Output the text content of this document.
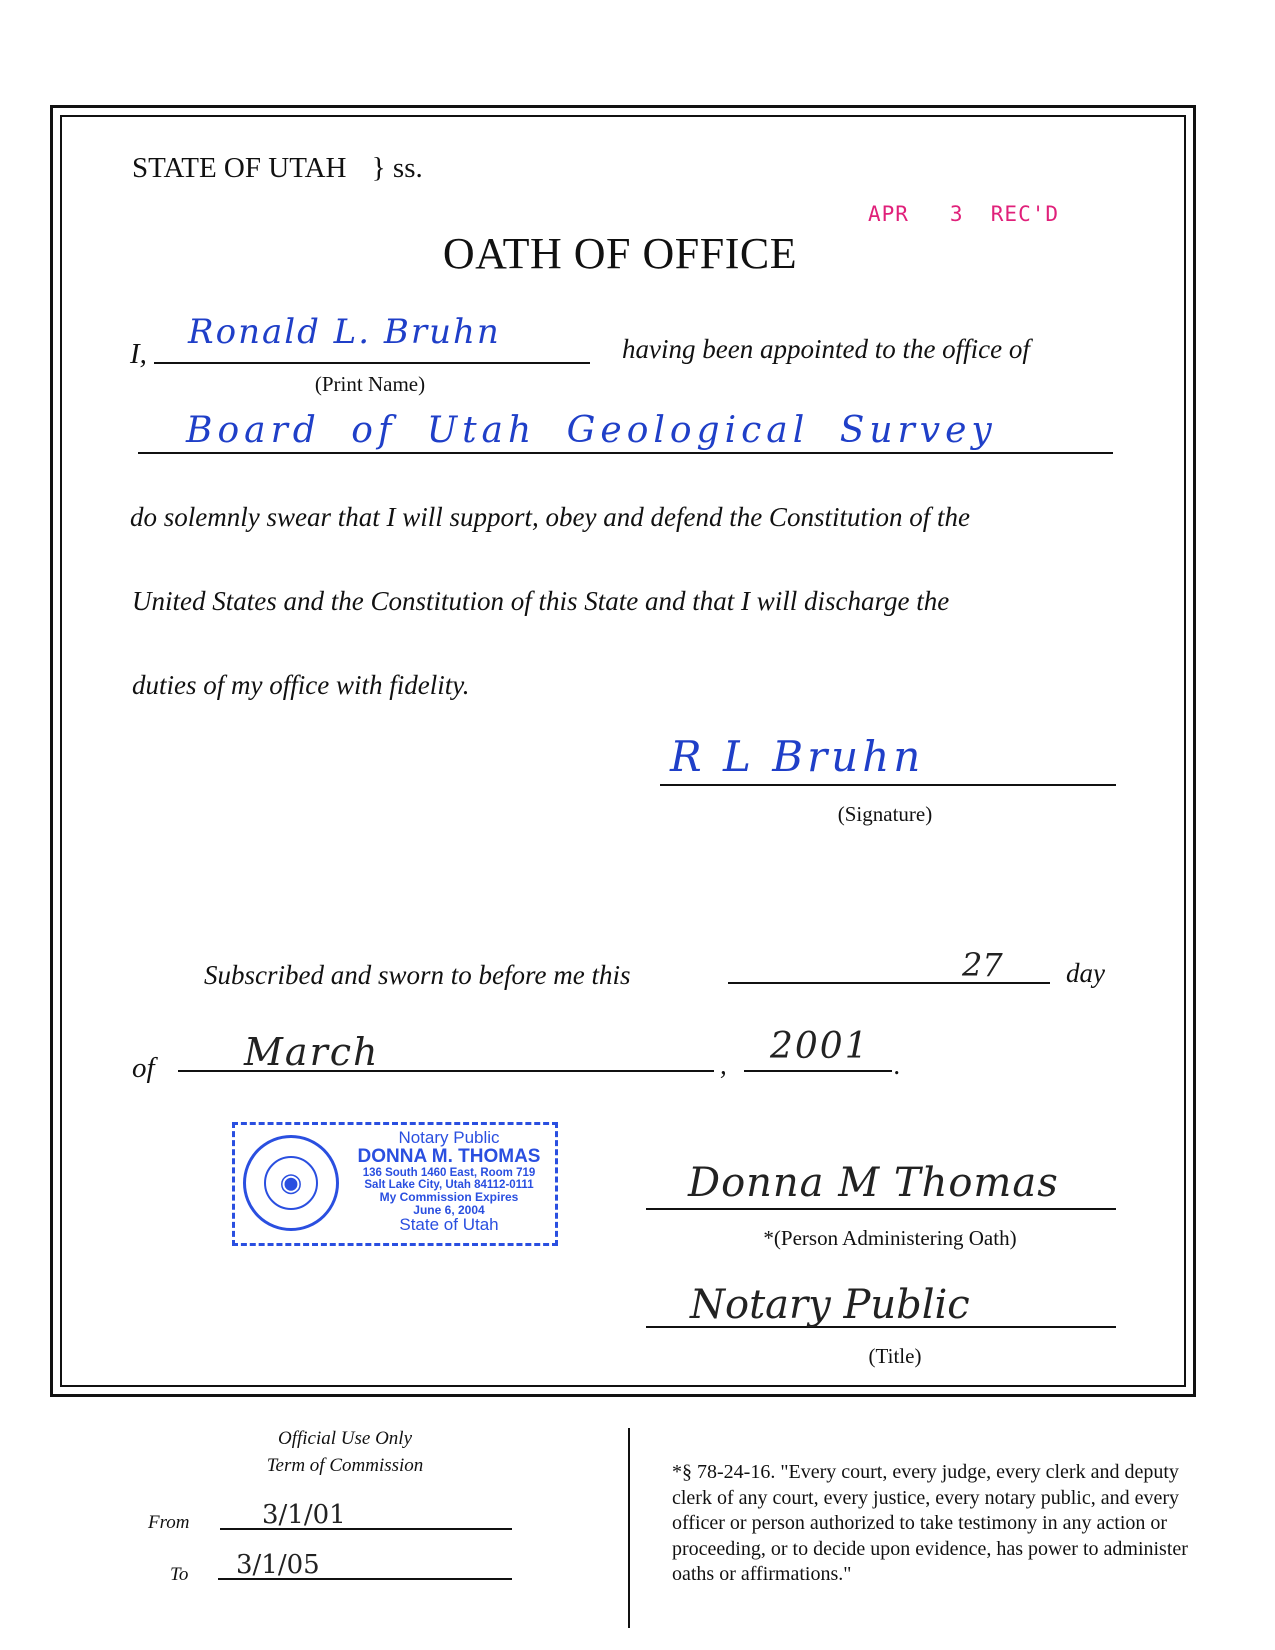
STATE OF UTAH } ss.
APR   3  REC'D
OATH OF OFFICE
I,
Ronald L. Bruhn
(Print Name)
having been appointed to the office of
Board of Utah Geological Survey
do solemnly swear that I will support, obey and defend the Constitution of the
United States and the Constitution of this State and that I will discharge the
duties of my office with fidelity.
R L Bruhn
(Signature)
Subscribed and sworn to before me this	27 day
of March	, 2001 .
◉
Notary Public
DONNA M. THOMAS
136 South 1460 East, Room 719
Salt Lake City, Utah 84112-0111
My Commission Expires
June 6, 2004
State of Utah
Donna M Thomas
*(Person Administering Oath)
Notary Public
(Title)
Official Use Only
Term of Commission
From	3/1/01
To 3/1/05
*§ 78-24-16. "Every court, every judge, every clerk and deputy clerk of any court, every justice, every notary public, and every officer or person authorized to take testimony in any action or proceeding, or to decide upon evidence, has power to administer oaths or affirmations."
